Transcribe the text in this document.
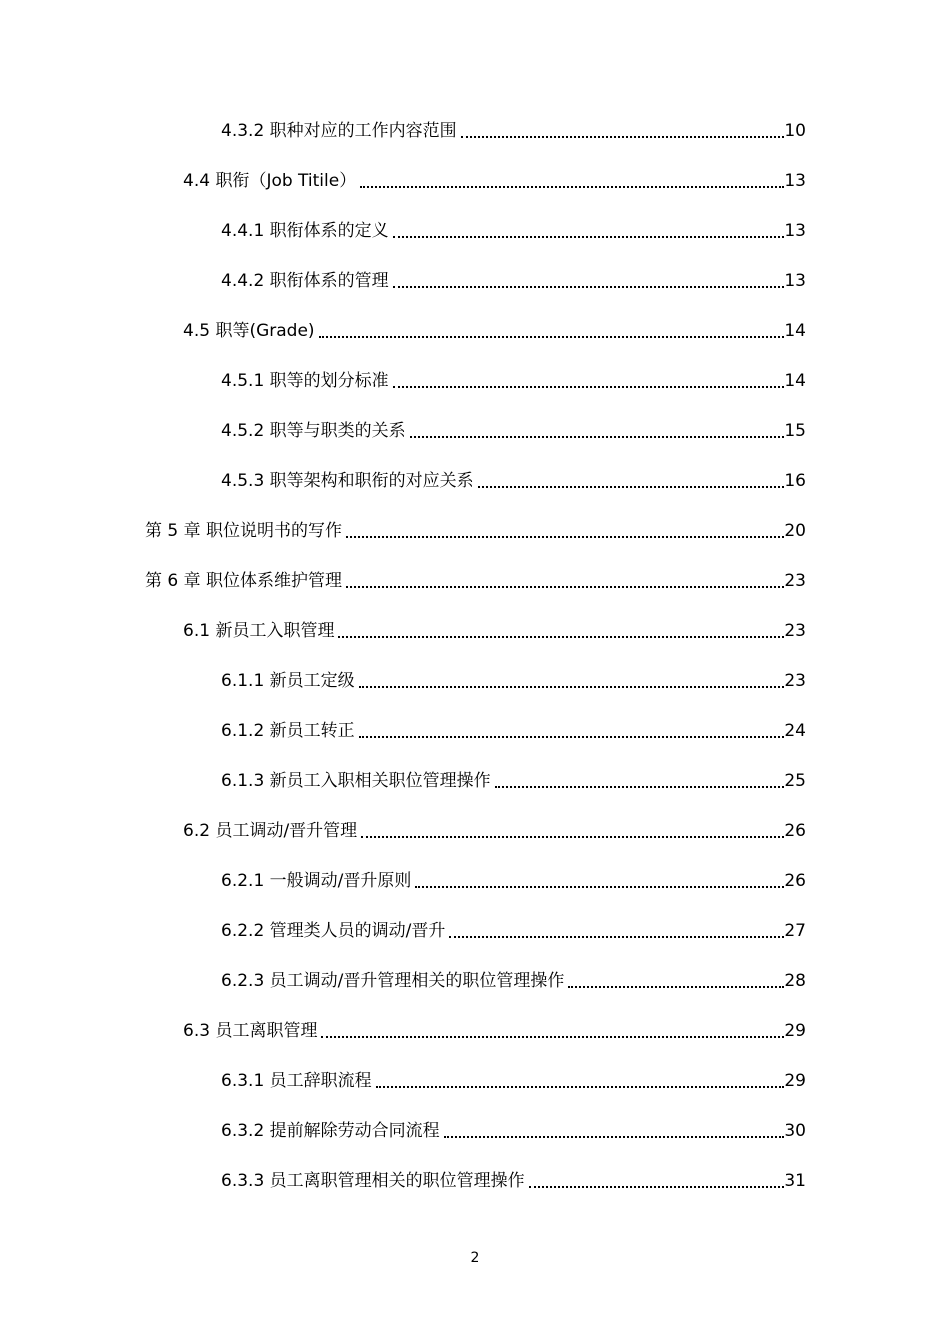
4.3.2 职种对应的工作内容范围	10
4.4 职衔（Job Titile）	13
4.4.1 职衔体系的定义	13
4.4.2 职衔体系的管理	13
4.5 职等(Grade)	14
4.5.1 职等的划分标准	14
4.5.2 职等与职类的关系	15
4.5.3 职等架构和职衔的对应关系	16
第 5 章 职位说明书的写作	20
第 6 章 职位体系维护管理	23
6.1 新员工入职管理	23
6.1.1 新员工定级	23
6.1.2 新员工转正	24
6.1.3 新员工入职相关职位管理操作	25
6.2 员工调动/晋升管理	26
6.2.1 一般调动/晋升原则	26
6.2.2 管理类人员的调动/晋升	27
6.2.3 员工调动/晋升管理相关的职位管理操作	28
6.3 员工离职管理	29
6.3.1 员工辞职流程	29
6.3.2 提前解除劳动合同流程	30
6.3.3 员工离职管理相关的职位管理操作	31
2
